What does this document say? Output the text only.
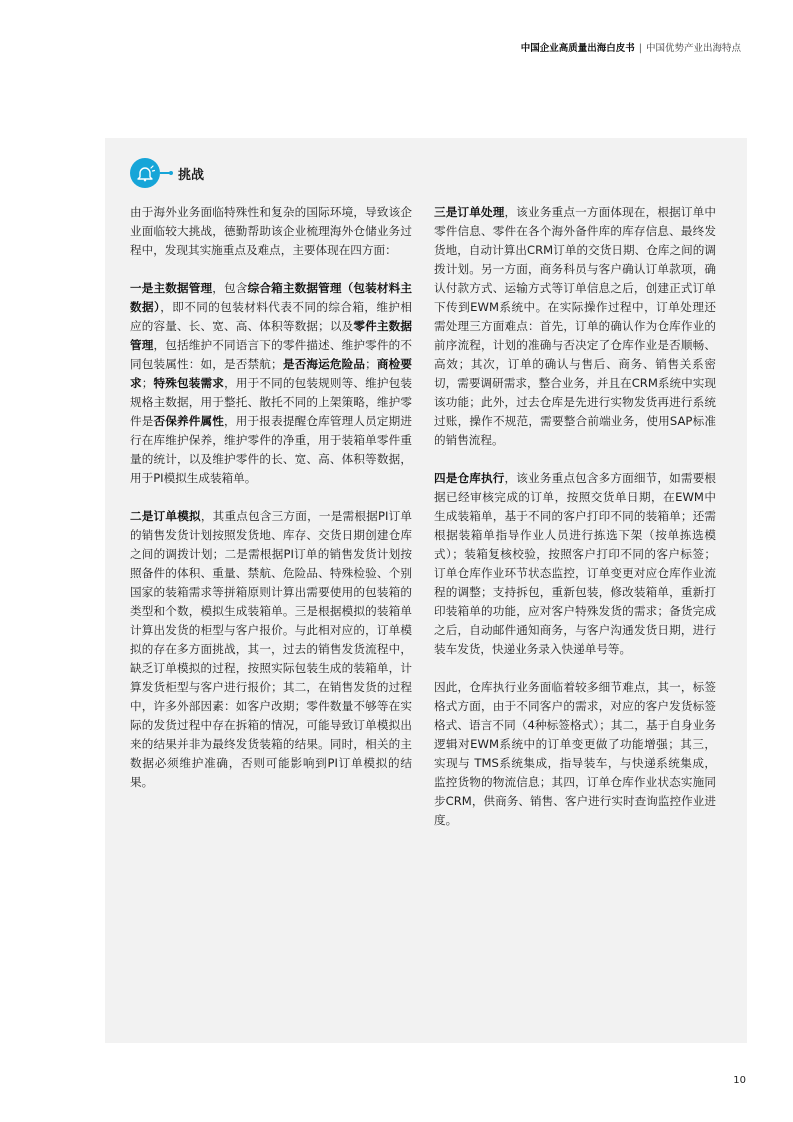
中国企业高质量出海白皮书 | 中国优势产业出海特点
挑战

由于海外业务面临特殊性和复杂的国际环境，导致该企业面临较大挑战，德勤帮助该企业梳理海外仓储业务过程中，发现其实施重点及难点，主要体现在四方面：

一是主数据管理，包含综合箱主数据管理（包装材料主数据），即不同的包装材料代表不同的综合箱，维护相应的容量、长、宽、高、体积等数据；以及零件主数据管理，包括维护不同语言下的零件描述、维护零件的不同包装属性：如，是否禁航；是否海运危险品；商检要求；特殊包装需求，用于不同的包装规则等、维护包装规格主数据，用于整托、散托不同的上架策略，维护零件是否保养件属性，用于报表提醒仓库管理人员定期进行在库维护保养，维护零件的净重，用于装箱单零件重量的统计，以及维护零件的长、宽、高、体积等数据，用于PI模拟生成装箱单。

二是订单模拟，其重点包含三方面，一是需根据PI订单的销售发货计划按照发货地、库存、交货日期创建仓库之间的调拨计划；二是需根据PI订单的销售发货计划按照备件的体积、重量、禁航、危险品、特殊检验、个别国家的装箱需求等拼箱原则计算出需要使用的包装箱的类型和个数，模拟生成装箱单。三是根据模拟的装箱单计算出发货的柜型与客户报价。与此相对应的，订单模拟的存在多方面挑战，其一，过去的销售发货流程中，缺乏订单模拟的过程，按照实际包装生成的装箱单，计算发货柜型与客户进行报价；其二，在销售发货的过程中，许多外部因素：如客户改期；零件数量不够等在实际的发货过程中存在拆箱的情况，可能导致订单模拟出来的结果并非为最终发货装箱的结果。同时，相关的主数据必须维护准确，否则可能影响到PI订单模拟的结果。

三是订单处理，该业务重点一方面体现在，根据订单中零件信息、零件在各个海外备件库的库存信息、最终发货地，自动计算出CRM订单的交货日期、仓库之间的调拨计划。另一方面，商务科员与客户确认订单款项，确认付款方式、运输方式等订单信息之后，创建正式订单下传到EWM系统中。在实际操作过程中，订单处理还需处理三方面难点：首先，订单的确认作为仓库作业的前序流程，计划的准确与否决定了仓库作业是否顺畅、高效；其次，订单的确认与售后、商务、销售关系密切，需要调研需求，整合业务，并且在CRM系统中实现该功能；此外，过去仓库是先进行实物发货再进行系统过账，操作不规范，需要整合前端业务，使用SAP标准的销售流程。

四是仓库执行，该业务重点包含多方面细节，如需要根据已经审核完成的订单，按照交货单日期，在EWM中生成装箱单，基于不同的客户打印不同的装箱单；还需根据装箱单指导作业人员进行拣选下架（按单拣选模式）；装箱复核校验，按照客户打印不同的客户标签；订单仓库作业环节状态监控，订单变更对应仓库作业流程的调整；支持拆包，重新包装，修改装箱单，重新打印装箱单的功能，应对客户特殊发货的需求；备货完成之后，自动邮件通知商务，与客户沟通发货日期，进行装车发货，快递业务录入快递单号等。

因此，仓库执行业务面临着较多细节难点，其一，标签格式方面，由于不同客户的需求，对应的客户发货标签格式、语言不同（4种标签格式）；其二，基于自身业务逻辑对EWM系统中的订单变更做了功能增强；其三，实现与 TMS系统集成，指导装车，与快递系统集成，监控货物的物流信息；其四，订单仓库作业状态实施同步CRM，供商务、销售、客户进行实时查询监控作业进度。

10
